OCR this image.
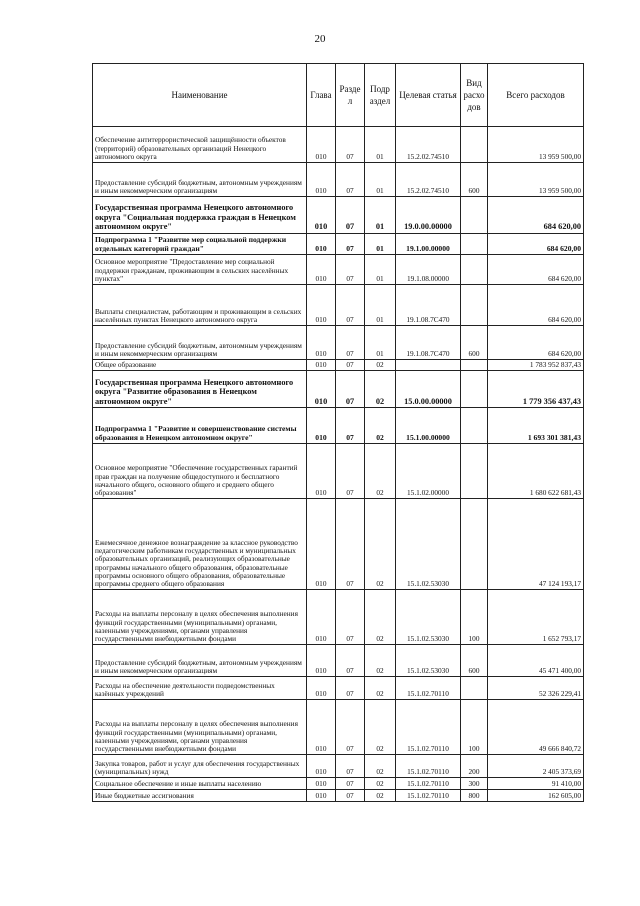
20
Наименование	Глава	Разде л	Подр аздел	Целевая статья	Вид расхо дов	Всего расходов
Обеспечение антитеррористической защищённости объектов (территорий) образовательных организаций Ненецкого автономного округа	010	07	01	15.2.02.74510		13 959 500,00
Предоставление субсидий бюджетным, автономным учреждениям и иным некоммерческим организациям	010	07	01	15.2.02.74510	600	13 959 500,00
Государственная программа Ненецкого автономного округа "Социальная поддержка граждан в Ненецком автономном округе"	010	07	01	19.0.00.00000		684 620,00
Подпрограмма 1 "Развитие мер социальной поддержки отдельных категорий граждан"	010	07	01	19.1.00.00000		684 620,00
Основное мероприятие "Предоставление мер социальной поддержки гражданам, проживающим в сельских населённых пунктах"	010	07	01	19.1.08.00000		684 620,00
Выплаты специалистам, работающим и проживающим в сельских населённых пунктах Ненецкого автономного округа	010	07	01	19.1.08.7С470		684 620,00
Предоставление субсидий бюджетным, автономным учреждениям и иным некоммерческим организациям	010	07	01	19.1.08.7С470	600	684 620,00
Общее образование	010	07	02			1 783 952 837,43
Государственная программа Ненецкого автономного округа "Развитие образования в Ненецком автономном округе"	010	07	02	15.0.00.00000		1 779 356 437,43
Подпрограмма 1 "Развитие и совершенствование системы образования в Ненецком автономном округе"	010	07	02	15.1.00.00000		1 693 301 381,43
Основное мероприятие "Обеспечение государственных гарантий прав граждан на получение общедоступного и бесплатного начального общего, основного общего и среднего общего образования"	010	07	02	15.1.02.00000		1 680 622 681,43
Ежемесячное денежное вознаграждение за классное руководство педагогическим работникам государственных и муниципальных образовательных организаций, реализующих образовательные программы начального общего образования, образовательные программы основного общего образования, образовательные программы среднего общего образования	010	07	02	15.1.02.53030		47 124 193,17
Расходы на выплаты персоналу в целях обеспечения выполнения функций государственными (муниципальными) органами, казенными учреждениями, органами управления государственными внебюджетными фондами	010	07	02	15.1.02.53030	100	1 652 793,17
Предоставление субсидий бюджетным, автономным учреждениям и иным некоммерческим организациям	010	07	02	15.1.02.53030	600	45 471 400,00
Расходы на обеспечение деятельности подведомственных казённых учреждений	010	07	02	15.1.02.70110		52 326 229,41
Расходы на выплаты персоналу в целях обеспечения выполнения функций государственными (муниципальными) органами, казенными учреждениями, органами управления государственными внебюджетными фондами	010	07	02	15.1.02.70110	100	49 666 840,72
Закупка товаров, работ и услуг для обеспечения государственных (муниципальных) нужд	010	07	02	15.1.02.70110	200	2 405 373,69
Социальное обеспечение и иные выплаты населению	010	07	02	15.1.02.70110	300	91 410,00
Иные бюджетные ассигнования	010	07	02	15.1.02.70110	800	162 605,00
